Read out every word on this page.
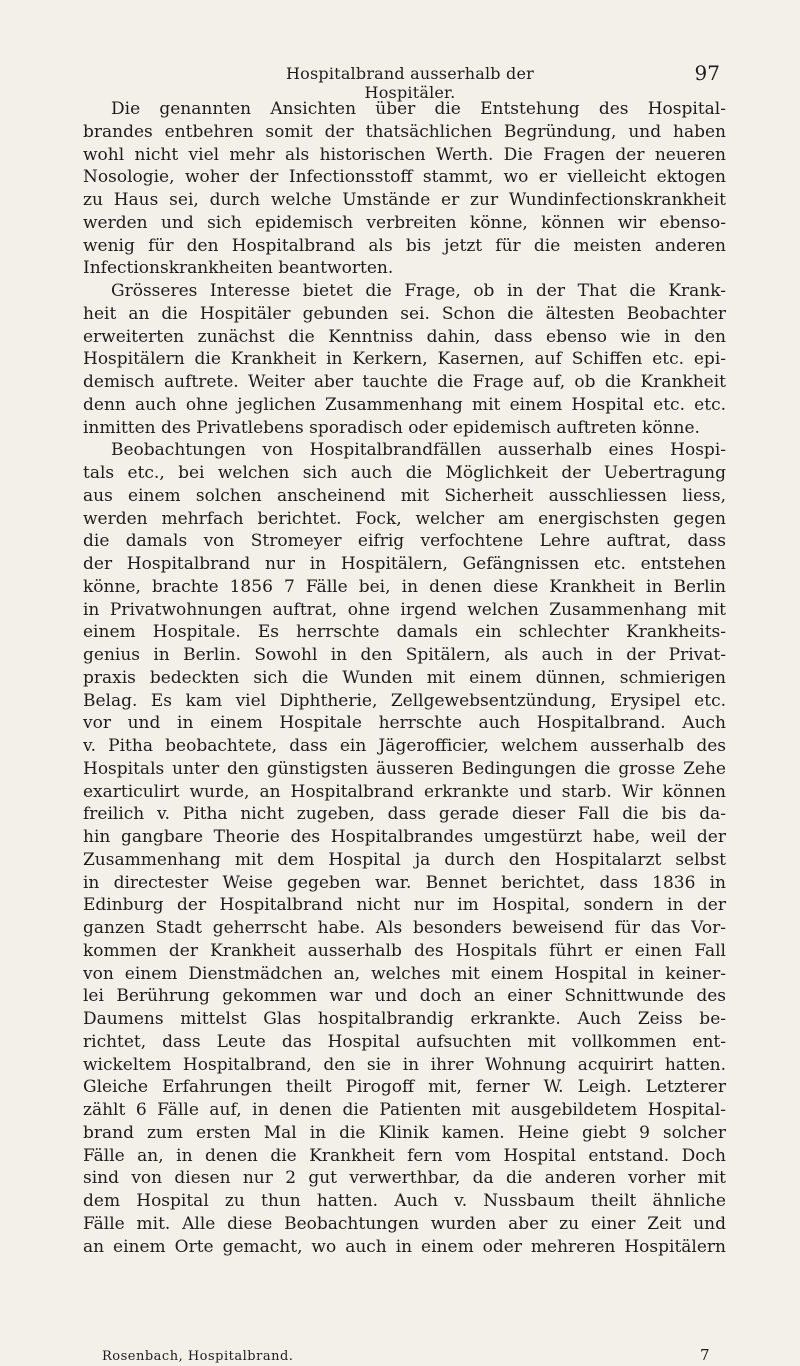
Hospitalbrand ausserhalb der Hospitäler.
97
Die genannten Ansichten über die Entstehung des Hospital-
brandes entbehren somit der thatsächlichen Begründung, und haben
wohl nicht viel mehr als historischen Werth. Die Fragen der neueren
Nosologie, woher der Infectionsstoff stammt, wo er vielleicht ektogen
zu Haus sei, durch welche Umstände er zur Wundinfectionskrankheit
werden und sich epidemisch verbreiten könne, können wir ebenso-
wenig für den Hospitalbrand als bis jetzt für die meisten anderen
Infectionskrankheiten beantworten.
Grösseres Interesse bietet die Frage, ob in der That die Krank-
heit an die Hospitäler gebunden sei. Schon die ältesten Beobachter
erweiterten zunächst die Kenntniss dahin, dass ebenso wie in den
Hospitälern die Krankheit in Kerkern, Kasernen, auf Schiffen etc. epi-
demisch auftrete. Weiter aber tauchte die Frage auf, ob die Krankheit
denn auch ohne jeglichen Zusammenhang mit einem Hospital etc. etc.
inmitten des Privatlebens sporadisch oder epidemisch auftreten könne.
Beobachtungen von Hospitalbrandfällen ausserhalb eines Hospi-
tals etc., bei welchen sich auch die Möglichkeit der Uebertragung
aus einem solchen anscheinend mit Sicherheit ausschliessen liess,
werden mehrfach berichtet. Fock, welcher am energischsten gegen
die damals von Stromeyer eifrig verfochtene Lehre auftrat, dass
der Hospitalbrand nur in Hospitälern, Gefängnissen etc. entstehen
könne, brachte 1856 7 Fälle bei, in denen diese Krankheit in Berlin
in Privatwohnungen auftrat, ohne irgend welchen Zusammenhang mit
einem Hospitale. Es herrschte damals ein schlechter Krankheits-
genius in Berlin. Sowohl in den Spitälern, als auch in der Privat-
praxis bedeckten sich die Wunden mit einem dünnen, schmierigen
Belag. Es kam viel Diphtherie, Zellgewebsentzündung, Erysipel etc.
vor und in einem Hospitale herrschte auch Hospitalbrand. Auch
v. Pitha beobachtete, dass ein Jägerofficier, welchem ausserhalb des
Hospitals unter den günstigsten äusseren Bedingungen die grosse Zehe
exarticulirt wurde, an Hospitalbrand erkrankte und starb. Wir können
freilich v. Pitha nicht zugeben, dass gerade dieser Fall die bis da-
hin gangbare Theorie des Hospitalbrandes umgestürzt habe, weil der
Zusammenhang mit dem Hospital ja durch den Hospitalarzt selbst
in directester Weise gegeben war. Bennet berichtet, dass 1836 in
Edinburg der Hospitalbrand nicht nur im Hospital, sondern in der
ganzen Stadt geherrscht habe. Als besonders beweisend für das Vor-
kommen der Krankheit ausserhalb des Hospitals führt er einen Fall
von einem Dienstmädchen an, welches mit einem Hospital in keiner-
lei Berührung gekommen war und doch an einer Schnittwunde des
Daumens mittelst Glas hospitalbrandig erkrankte. Auch Zeiss be-
richtet, dass Leute das Hospital aufsuchten mit vollkommen ent-
wickeltem Hospitalbrand, den sie in ihrer Wohnung acquirirt hatten.
Gleiche Erfahrungen theilt Pirogoff mit, ferner W. Leigh. Letzterer
zählt 6 Fälle auf, in denen die Patienten mit ausgebildetem Hospital-
brand zum ersten Mal in die Klinik kamen. Heine giebt 9 solcher
Fälle an, in denen die Krankheit fern vom Hospital entstand. Doch
sind von diesen nur 2 gut verwerthbar, da die anderen vorher mit
dem Hospital zu thun hatten. Auch v. Nussbaum theilt ähnliche
Fälle mit. Alle diese Beobachtungen wurden aber zu einer Zeit und
an einem Orte gemacht, wo auch in einem oder mehreren Hospitälern
Rosenbach, Hospitalbrand.	7
